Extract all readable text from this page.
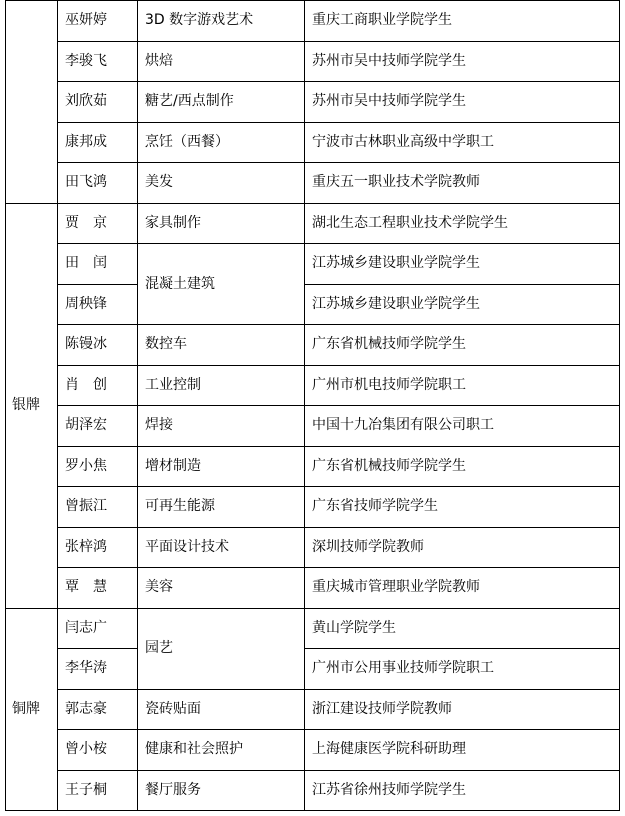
	巫妍婷	3D 数字游戏艺术	重庆工商职业学院学生
	李骏飞	烘焙	苏州市吴中技师学院学生
	刘欣茹	糖艺/西点制作	苏州市吴中技师学院学生
	康邦成	烹饪（西餐）	宁波市古林职业高级中学职工
	田飞鸿	美发	重庆五一职业技术学院教师
银牌	贾　京	家具制作	湖北生态工程职业技术学院学生
	田　闰	混凝土建筑	江苏城乡建设职业学院学生
	周秧锋		江苏城乡建设职业学院学生
	陈镘冰	数控车	广东省机械技师学院学生
	肖　创	工业控制	广州市机电技师学院职工
	胡泽宏	焊接	中国十九冶集团有限公司职工
	罗小焦	增材制造	广东省机械技师学院学生
	曾振江	可再生能源	广东省技师学院学生
	张梓鸿	平面设计技术	深圳技师学院教师
	覃　慧	美容	重庆城市管理职业学院教师
铜牌	闫志广	园艺	黄山学院学生
	李华涛		广州市公用事业技师学院职工
	郭志豪	瓷砖贴面	浙江建设技师学院教师
	曾小桉	健康和社会照护	上海健康医学院科研助理
	王子桐	餐厅服务	江苏省徐州技师学院学生
